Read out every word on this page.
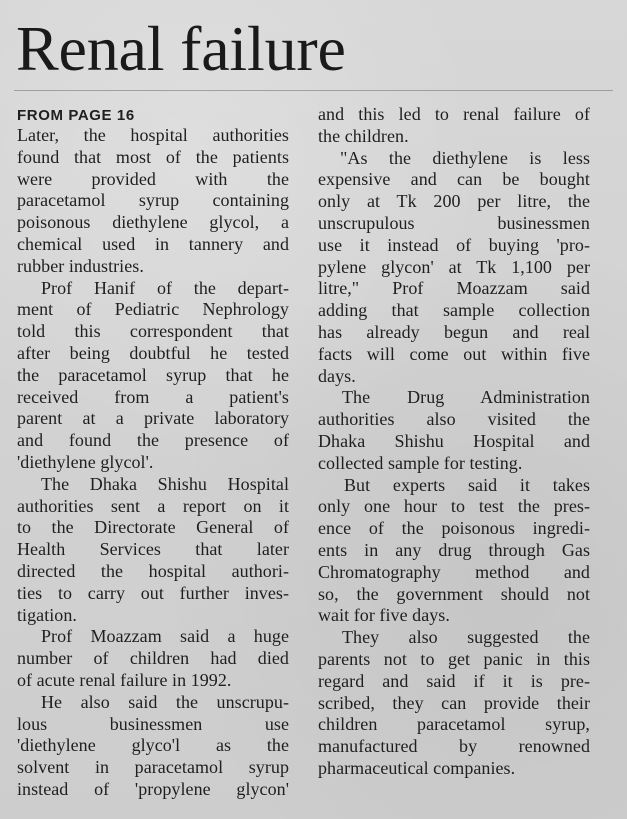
Renal failure
FROM PAGE 16
Later, the hospital authorities
found that most of the patients
were provided with the
paracetamol syrup containing
poisonous diethylene glycol, a
chemical used in tannery and
rubber industries.
Prof Hanif of the depart-
ment of Pediatric Nephrology
told this correspondent that
after being doubtful he tested
the paracetamol syrup that he
received from a patient's
parent at a private laboratory
and found the presence of
'diethylene glycol'.
The Dhaka Shishu Hospital
authorities sent a report on it
to the Directorate General of
Health Services that later
directed the hospital authori-
ties to carry out further inves-
tigation.
Prof Moazzam said a huge
number of children had died
of acute renal failure in 1992.
He also said the unscrupu-
lous businessmen use
'diethylene glyco'l as the
solvent in paracetamol syrup
instead of 'propylene glycon'
and this led to renal failure of
the children.
"As the diethylene is less
expensive and can be bought
only at Tk 200 per litre, the
unscrupulous businessmen
use it instead of buying 'pro-
pylene glycon' at Tk 1,100 per
litre," Prof Moazzam said
adding that sample collection
has already begun and real
facts will come out within five
days.
The Drug Administration
authorities also visited the
Dhaka Shishu Hospital and
collected sample for testing.
But experts said it takes
only one hour to test the pres-
ence of the poisonous ingredi-
ents in any drug through Gas
Chromatography method and
so, the government should not
wait for five days.
They also suggested the
parents not to get panic in this
regard and said if it is pre-
scribed, they can provide their
children paracetamol syrup,
manufactured by renowned
pharmaceutical companies.
